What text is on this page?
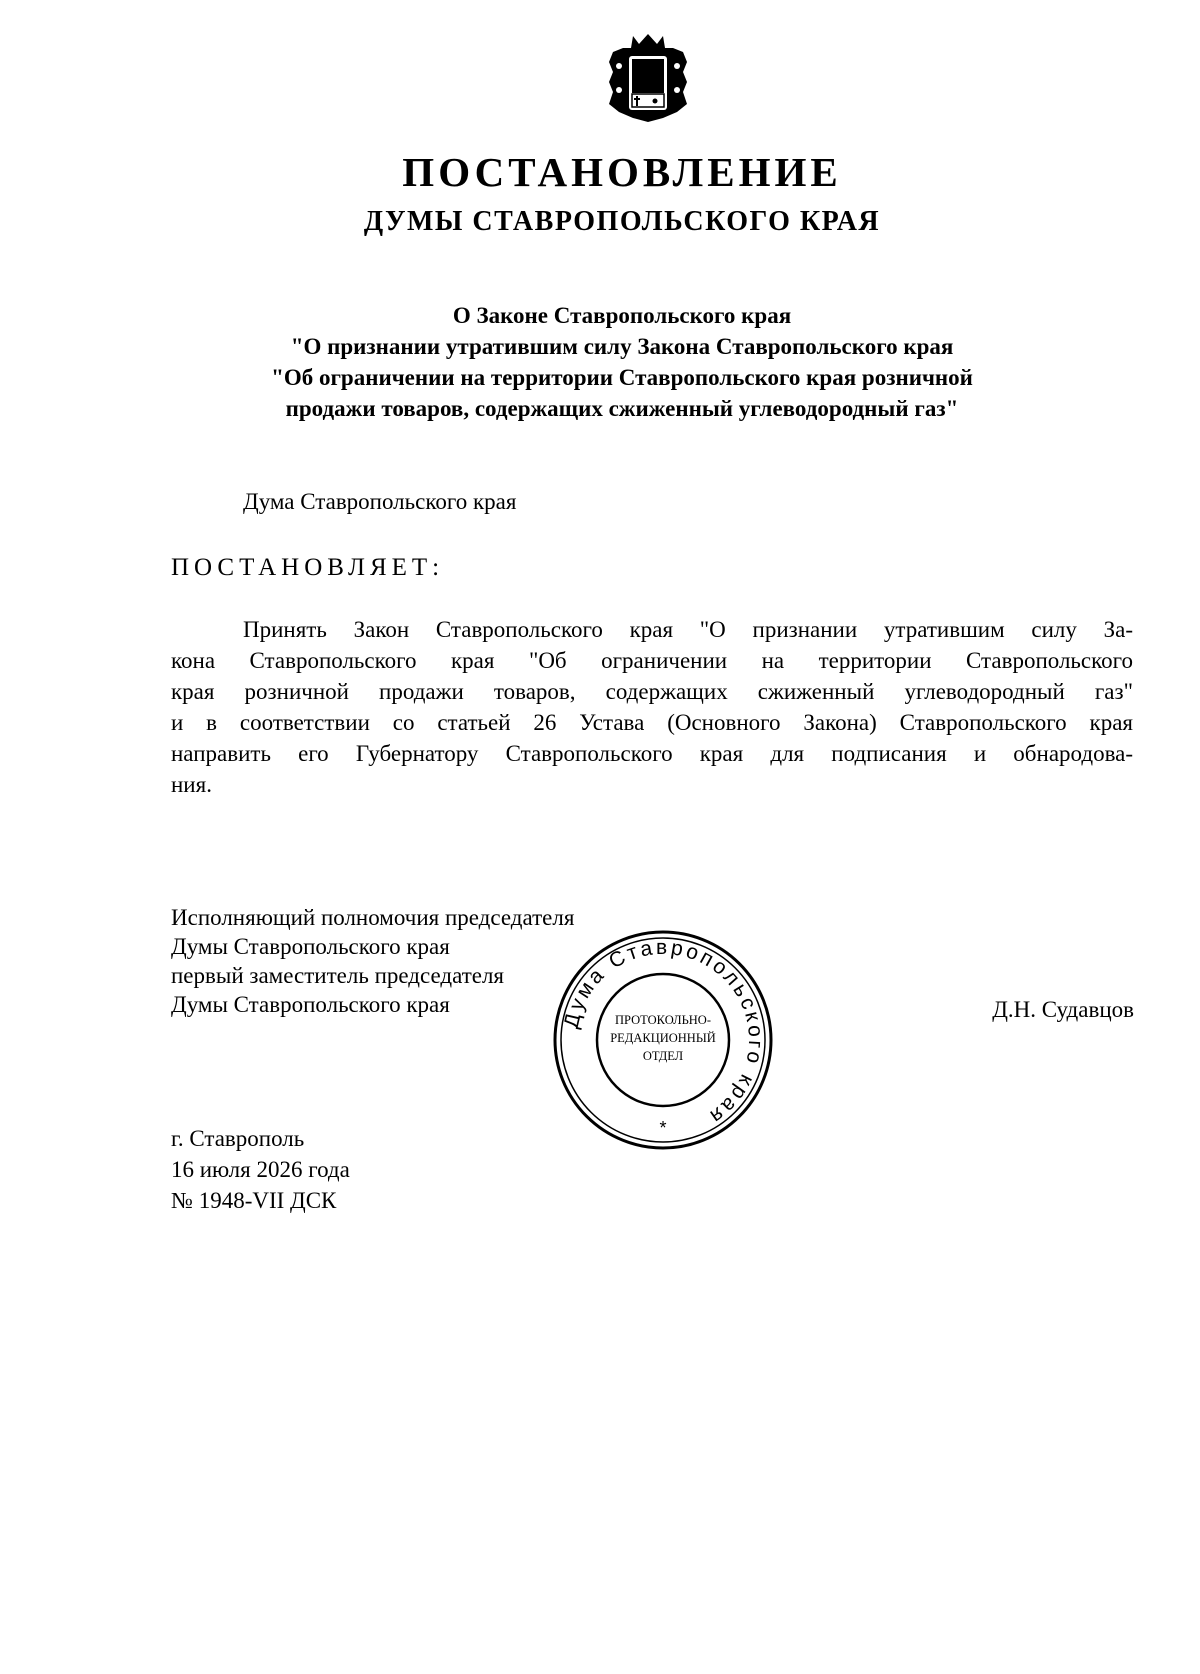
ПОСТАНОВЛЕНИЕ
ДУМЫ СТАВРОПОЛЬСКОГО КРАЯ
О Законе Ставропольского края
"О признании утратившим силу Закона Ставропольского края
"Об ограничении на территории Ставропольского края розничной
продажи товаров, содержащих сжиженный углеводородный газ"
Дума Ставропольского края
ПОСТАНОВЛЯЕТ:
Принять Закон Ставропольского края "О признании утратившим силу За-
кона Ставропольского края "Об ограничении на территории Ставропольского
края розничной продажи товаров, содержащих сжиженный углеводородный газ"
и в соответствии со статьей 26 Устава (Основного Закона) Ставропольского края
направить его Губернатору Ставропольского края для подписания и обнародова-
ния.
Исполняющий полномочия председателя
Думы Ставропольского края
первый заместитель председателя
Думы Ставропольского края	Д.Н. Судавцов
Дума Ставропольского края
ПРОТОКОЛЬНО-
РЕДАКЦИОННЫЙ
ОТДЕЛ
*
г. Ставрополь
16 июля 2026 года
№ 1948-VII ДСК
